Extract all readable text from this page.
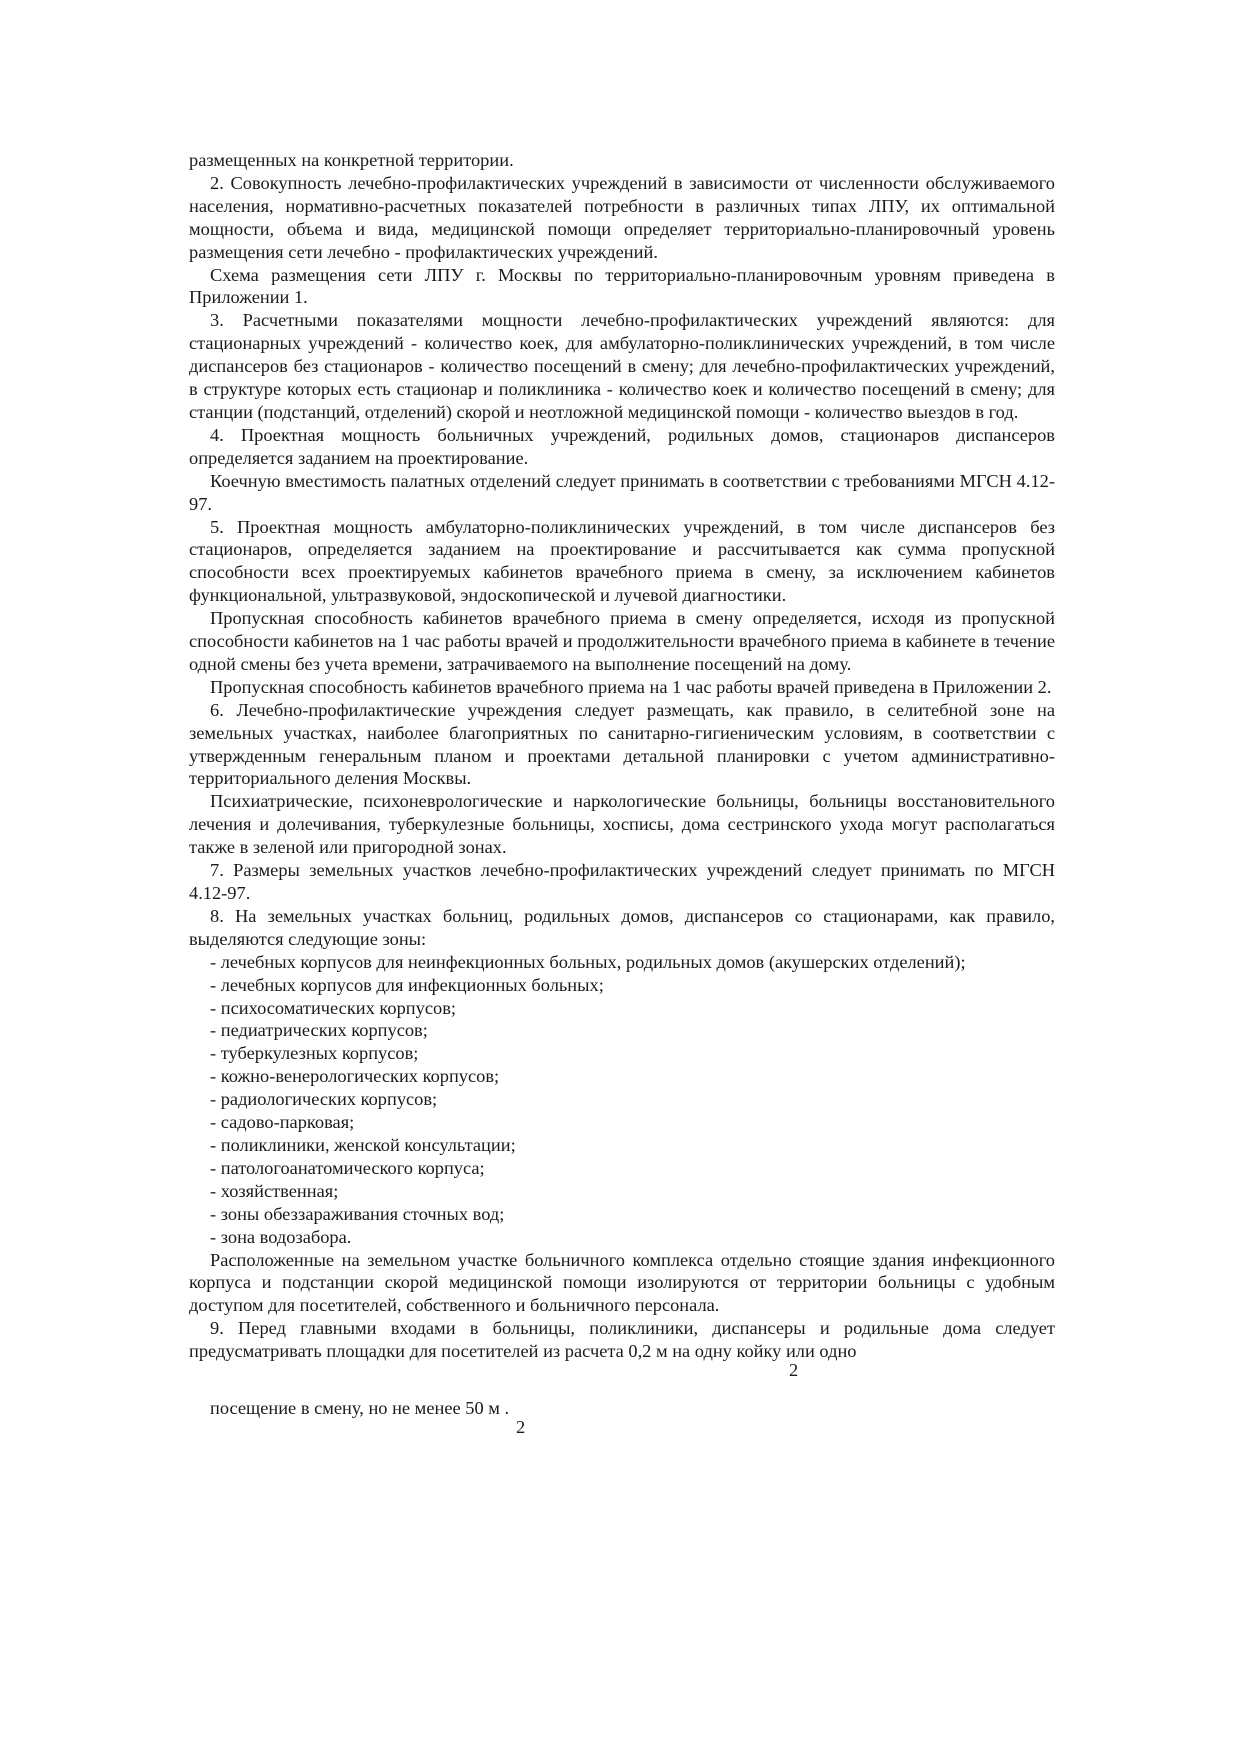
размещенных на конкретной территории.

2. Совокупность лечебно-профилактических учреждений в зависимости от численности обслуживаемого населения, нормативно-расчетных показателей потребности в различных типах ЛПУ, их оптимальной мощности, объема и вида, медицинской помощи определяет территориально-планировочный уровень размещения сети лечебно - профилактических учреждений.

Схема размещения сети ЛПУ г. Москвы по территориально-планировочным уровням приведена в Приложении 1.

3. Расчетными показателями мощности лечебно-профилактических учреждений являются: для стационарных учреждений - количество коек, для амбулаторно-поликлинических учреждений, в том числе диспансеров без стационаров - количество посещений в смену; для лечебно-профилактических учреждений, в структуре которых есть стационар и поликлиника - количество коек и количество посещений в смену; для станции (подстанций, отделений) скорой и неотложной медицинской помощи - количество выездов в год.

4. Проектная мощность больничных учреждений, родильных домов, стационаров диспансеров определяется заданием на проектирование.

Коечную вместимость палатных отделений следует принимать в соответствии с требованиями МГСН 4.12-97.

5. Проектная мощность амбулаторно-поликлинических учреждений, в том числе диспансеров без стационаров, определяется заданием на проектирование и рассчитывается как сумма пропускной способности всех проектируемых кабинетов врачебного приема в смену, за исключением кабинетов функциональной, ультразвуковой, эндоскопической и лучевой диагностики.

Пропускная способность кабинетов врачебного приема в смену определяется, исходя из пропускной способности кабинетов на 1 час работы врачей и продолжительности врачебного приема в кабинете в течение одной смены без учета времени, затрачиваемого на выполнение посещений на дому.

Пропускная способность кабинетов врачебного приема на 1 час работы врачей приведена в Приложении 2.

6. Лечебно-профилактические учреждения следует размещать, как правило, в селитебной зоне на земельных участках, наиболее благоприятных по санитарно-гигиеническим условиям, в соответствии с утвержденным генеральным планом и проектами детальной планировки с учетом административно-территориального деления Москвы.

Психиатрические, психоневрологические и наркологические больницы, больницы восстановительного лечения и долечивания, туберкулезные больницы, хосписы, дома сестринского ухода могут располагаться также в зеленой или пригородной зонах.

7. Размеры земельных участков лечебно-профилактических учреждений следует принимать по МГСН 4.12-97.

8. На земельных участках больниц, родильных домов, диспансеров со стационарами, как правило, выделяются следующие зоны:

- лечебных корпусов для неинфекционных больных, родильных домов (акушерских отделений);

- лечебных корпусов для инфекционных больных;

- психосоматических корпусов;

- педиатрических корпусов;

- туберкулезных корпусов;

- кожно-венерологических корпусов;

- радиологических корпусов;

- садово-парковая;

- поликлиники, женской консультации;

- патологоанатомического корпуса;

- хозяйственная;

- зоны обеззараживания сточных вод;

- зона водозабора.

Расположенные на земельном участке больничного комплекса отдельно стоящие здания инфекционного корпуса и подстанции скорой медицинской помощи изолируются от территории больницы с удобным доступом для посетителей, собственного и больничного персонала.

9. Перед главными входами в больницы, поликлиники, диспансеры и родильные дома следует предусматривать площадки для посетителей из расчета 0,2 м на одну койку или одно

2

посещение в смену, но не менее 50 м .

2
